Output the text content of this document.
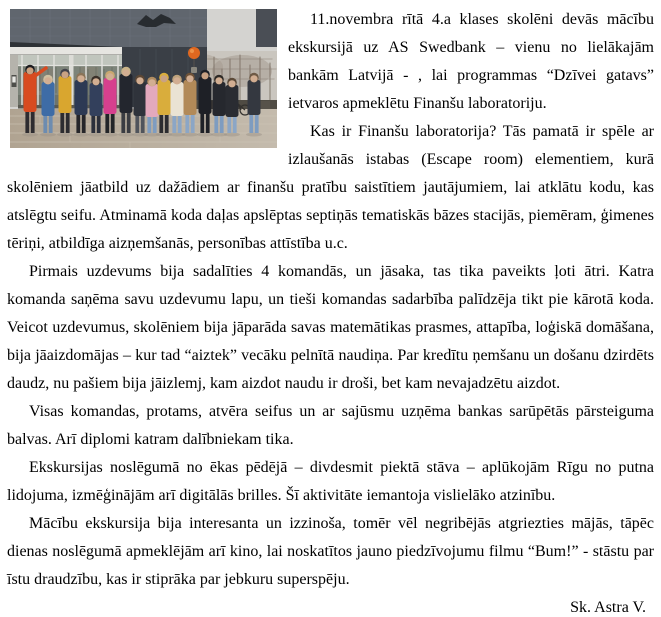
11.novembra rītā 4.a klases skolēni devās mācību ekskursijā uz AS Swedbank – vienu no lielākajām bankām Latvijā - , lai programmas “Dzīvei gatavs” ietvaros apmeklētu Finanšu laboratoriju.

Kas ir Finanšu laboratorija? Tās pamatā ir spēle ar izlaušanās istabas (Escape room) elementiem, kurā skolēniem jāatbild uz dažādiem ar finanšu pratību saistītiem jautājumiem, lai atklātu kodu, kas atslēgtu seifu. Atminamā koda daļas apslēptas septiņās tematiskās bāzes stacijās, piemēram, ģimenes tēriņi, atbildīga aizņemšanās, personības attīstība u.c.

Pirmais uzdevums bija sadalīties 4 komandās, un jāsaka, tas tika paveikts ļoti ātri. Katra komanda saņēma savu uzdevumu lapu, un tieši komandas sadarbība palīdzēja tikt pie kārotā koda. Veicot uzdevumus, skolēniem bija jāparāda savas matemātikas prasmes, attapība, loģiskā domāšana, bija jāaizdomājas – kur tad “aiztek” vecāku pelnītā naudiņa. Par kredītu ņemšanu un došanu dzirdēts daudz, nu pašiem bija jāizlemj, kam aizdot naudu ir droši, bet kam nevajadzētu aizdot.

Visas komandas, protams, atvēra seifus un ar sajūsmu uzņēma bankas sarūpētās pārsteiguma balvas. Arī diplomi katram dalībniekam tika.

Ekskursijas noslēgumā no ēkas pēdējā – divdesmit piektā stāva – aplūkojām Rīgu no putna lidojuma, izmēģinājām arī digitālās brilles. Šī aktivitāte iemantoja vislielāko atzinību.

Mācību ekskursija bija interesanta un izzinoša, tomēr vēl negribējās atgriezties mājās, tāpēc dienas noslēgumā apmeklējām arī kino, lai noskatītos jauno piedzīvojumu filmu “Bum!” - stāstu par īstu draudzību, kas ir stiprāka par jebkuru superspēju.

Sk. Astra V.
